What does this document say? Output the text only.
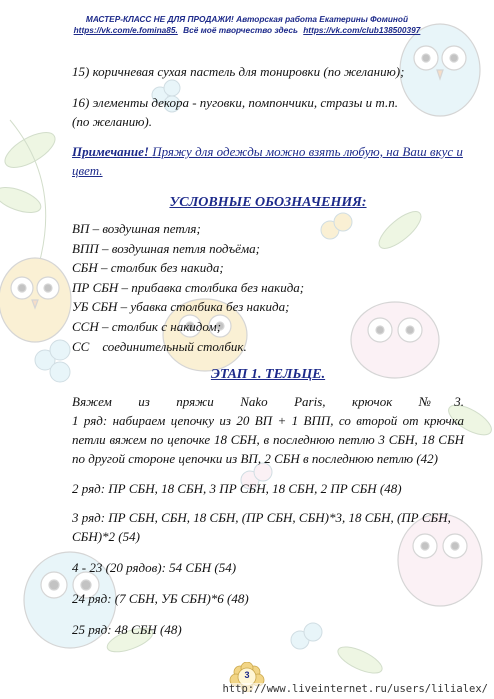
МАСТЕР-КЛАСС НЕ ДЛЯ ПРОДАЖИ! Авторская работа Екатерины Фоминой
https://vk.com/e.fomina85. Всё моё творчество здесь https://vk.com/club138500397

15) коричневая сухая пастель для тонировки (по желанию);

16) элементы декора - пуговки, помпончики, стразы и т.п.
(по желанию).

Примечание! Пряжу для одежды можно взять любую, на Ваш вкус и цвет.

УСЛОВНЫЕ ОБОЗНАЧЕНИЯ:

ВП – воздушная петля;

ВПП – воздушная петля подъёма;

СБН – столбик без накида;

ПР СБН – прибавка столбика без накида;

УБ СБН – убавка столбика без накида;

ССН – столбик с накидом;

СС    соединительный столбик.

ЭТАП 1. ТЕЛЬЦЕ.

Вяжем из пряжи Nako Paris, крючок №3.

1 ряд: набираем цепочку из 20 ВП + 1 ВПП, со второй от крючка петли вяжем по цепочке 18 СБН, в последнюю петлю 3 СБН, 18 СБН по другой стороне цепочки из ВП, 2 СБН в последнюю петлю (42)

2 ряд: ПР СБН, 18 СБН, 3 ПР СБН, 18 СБН, 2 ПР СБН (48)

3 ряд: ПР СБН, СБН, 18 СБН, (ПР СБН, СБН)*3, 18 СБН, (ПР СБН, СБН)*2 (54)

4 - 23 (20 рядов): 54 СБН (54)

24 ряд: (7 СБН, УБ СБН)*6 (48)

25 ряд: 48 СБН (48)

3
http://www.liveinternet.ru/users/lilialex/
